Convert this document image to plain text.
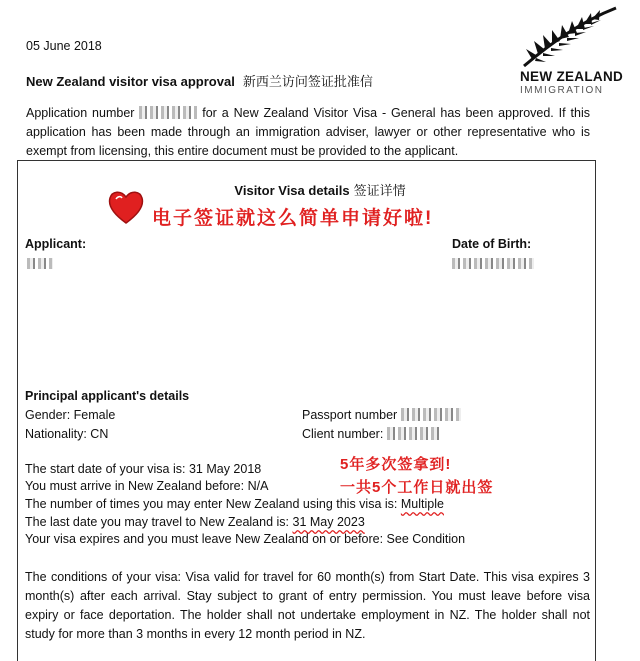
05 June 2018
New Zealand visitor visa approval 新西兰访问签证批准信
Application number	for a New Zealand Visitor Visa - General has been approved. If this application has been made through an immigration adviser, lawyer or other representative who is exempt from licensing, this entire document must be provided to the applicant.
NEW ZEALAND
IMMIGRATION
Visitor Visa details 签证详情
电子签证就这么简单申请好啦!
Applicant:	Date of Birth:
Principal applicant's details
Gender: Female
Nationality: CN
Passport number
Client number:
The start date of your visa is: 31 May 2018
You must arrive in New Zealand before: N/A
The number of times you may enter New Zealand using this visa is: Multiple
The last date you may travel to New Zealand is: 31 May 2023
Your visa expires and you must leave New Zealand on or before: See Condition
5年多次签拿到!
一共5个工作日就出签
The conditions of your visa: Visa valid for travel for 60 month(s) from Start Date. This visa expires 3 month(s) after each arrival. Stay subject to grant of entry permission. You must leave before visa expiry or face deportation. The holder shall not undertake employment in NZ. The holder shall not study for more than 3 months in every 12 month period in NZ.
